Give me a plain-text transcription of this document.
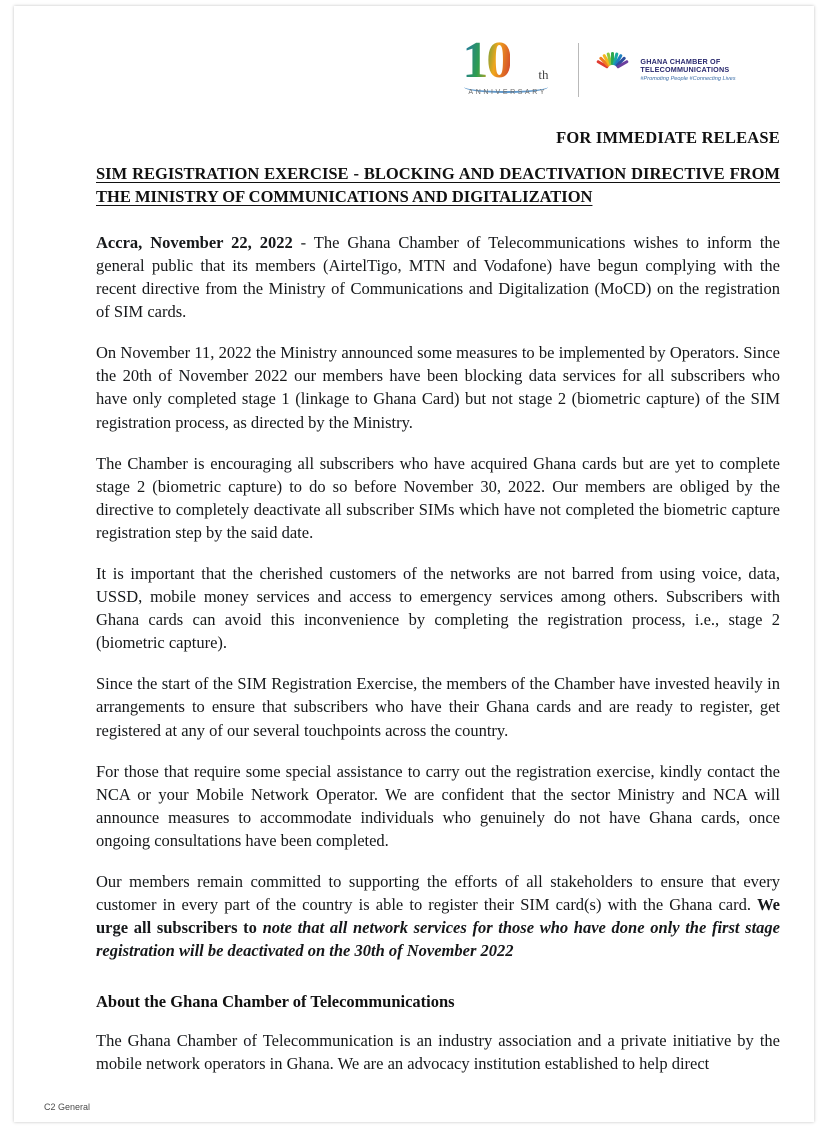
10 th
ANNIVERSARY
GHANA CHAMBER OF
TELECOMMUNICATIONS
#Promoting People #Connecting Lives
FOR IMMEDIATE RELEASE
SIM REGISTRATION EXERCISE - BLOCKING AND DEACTIVATION DIRECTIVE FROM THE MINISTRY OF COMMUNICATIONS AND DIGITALIZATION

Accra, November 22, 2022 - The Ghana Chamber of Telecommunications wishes to inform the general public that its members (AirtelTigo, MTN and Vodafone) have begun complying with the recent directive from the Ministry of Communications and Digitalization (MoCD) on the registration of SIM cards.

On November 11, 2022 the Ministry announced some measures to be implemented by Operators. Since the 20th of November 2022 our members have been blocking data services for all subscribers who have only completed stage 1 (linkage to Ghana Card) but not stage 2 (biometric capture) of the SIM registration process, as directed by the Ministry.

The Chamber is encouraging all subscribers who have acquired Ghana cards but are yet to complete stage 2 (biometric capture) to do so before November 30, 2022. Our members are obliged by the directive to completely deactivate all subscriber SIMs which have not completed the biometric capture registration step by the said date.

It is important that the cherished customers of the networks are not barred from using voice, data, USSD, mobile money services and access to emergency services among others. Subscribers with Ghana cards can avoid this inconvenience by completing the registration process, i.e., stage 2 (biometric capture).

Since the start of the SIM Registration Exercise, the members of the Chamber have invested heavily in arrangements to ensure that subscribers who have their Ghana cards and are ready to register, get registered at any of our several touchpoints across the country.

For those that require some special assistance to carry out the registration exercise, kindly contact the NCA or your Mobile Network Operator. We are confident that the sector Ministry and NCA will announce measures to accommodate individuals who genuinely do not have Ghana cards, once ongoing consultations have been completed.

Our members remain committed to supporting the efforts of all stakeholders to ensure that every customer in every part of the country is able to register their SIM card(s) with the Ghana card. We urge all subscribers to note that all network services for those who have done only the first stage registration will be deactivated on the 30th of November 2022

About the Ghana Chamber of Telecommunications

The Ghana Chamber of Telecommunication is an industry association and a private initiative by the mobile network operators in Ghana. We are an advocacy institution established to help direct

C2 General
